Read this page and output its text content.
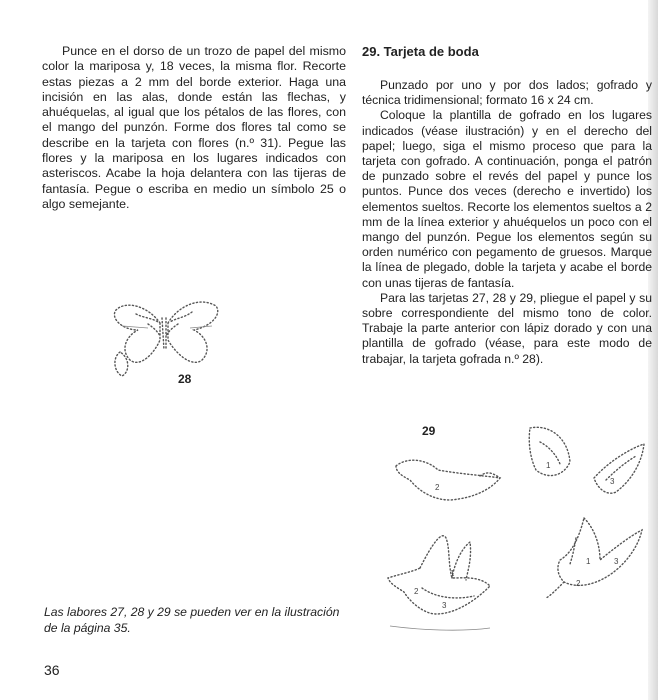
Punce en el dorso de un trozo de papel del mismo color la mariposa y, 18 veces, la misma flor. Recorte estas piezas a 2 mm del borde exterior. Haga una incisión en las alas, donde están las flechas, y ahuéquelas, al igual que los pétalos de las flores, con el mango del punzón. Forme dos flores tal como se describe en la tarjeta con flores (n.º 31). Pegue las flores y la mariposa en los lugares indicados con asteriscos. Acabe la hoja delantera con las tijeras de fantasía. Pegue o escriba en medio un símbolo 25 o algo semejante.

28
29. Tarjeta de boda

Punzado por uno y por dos lados; gofrado y técnica tridimensional; formato 16 x 24 cm.

Coloque la plantilla de gofrado en los lugares indicados (véase ilustración) y en el derecho del papel; luego, siga el mismo proceso que para la tarjeta con gofrado. A continuación, ponga el patrón de punzado sobre el revés del papel y punce los puntos. Punce dos veces (derecho e invertido) los elementos sueltos. Recorte los elementos sueltos a 2 mm de la línea exterior y ahuéquelos un poco con el mango del punzón. Pegue los elementos según su orden numérico con pegamento de gruesos. Marque la línea de plegado, doble la tarjeta y acabe el borde con unas tijeras de fantasía.

Para las tarjetas 27, 28 y 29, pliegue el papel y su sobre correspondiente del mismo tono de color. Trabaje la parte anterior con lápiz dorado y con una plantilla de gofrado (véase, para este modo de trabajar, la tarjeta gofrada n.º 28).

29
1
2
3
1
2
3
1
2
3

Las labores 27, 28 y 29 se pueden ver en la ilustración de la página 35.

36
